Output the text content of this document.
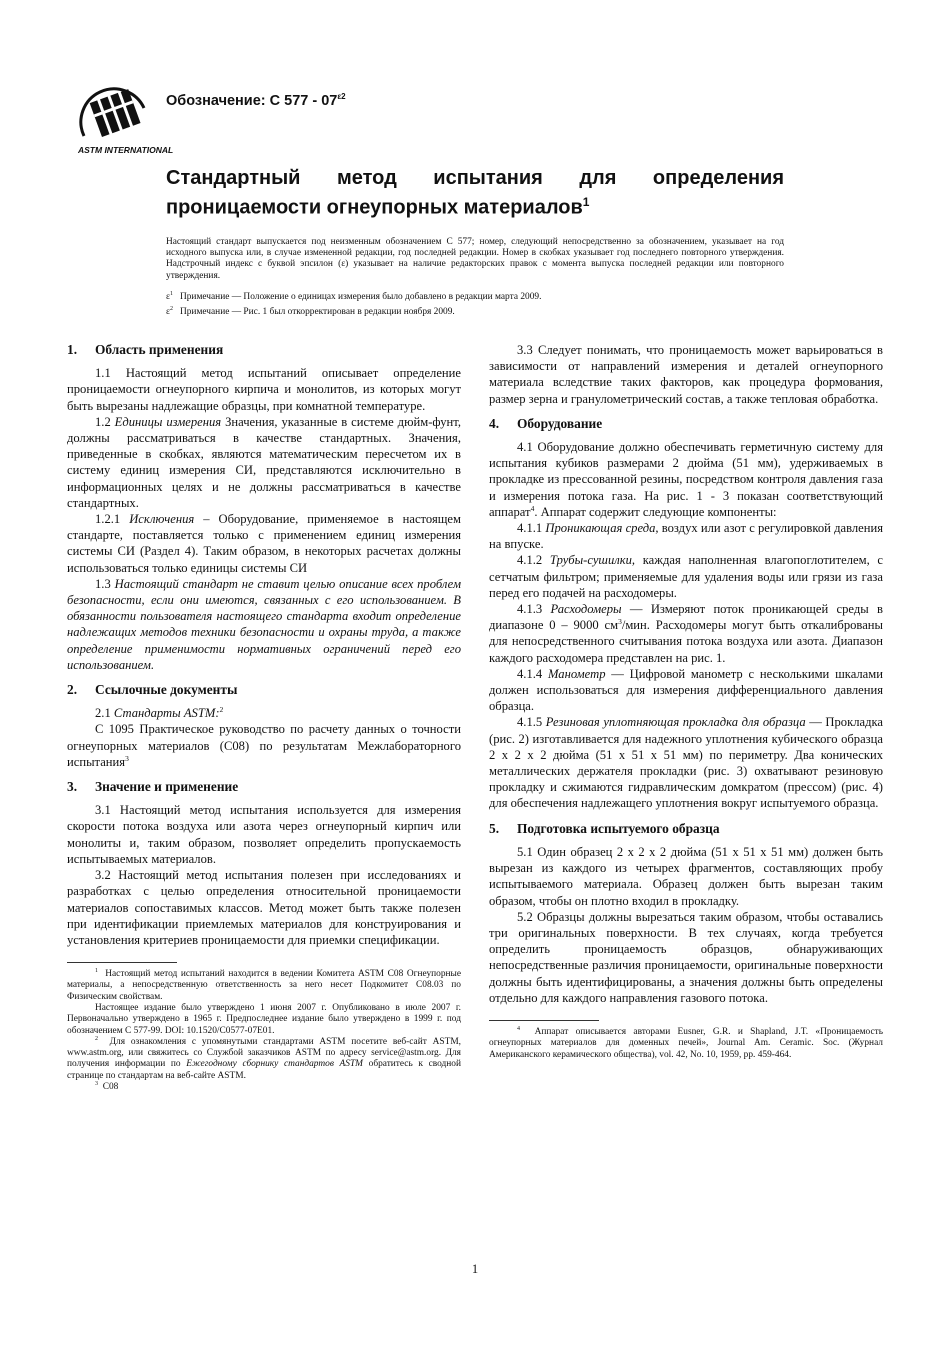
ASTM INTERNATIONAL
Обозначение: C $577 - 07^{\varepsilon 2}$
Стандартный метод испытания для определения
проницаемости огнеупорных материалов$^1$
Настоящий стандарт выпускается под неизменным обозначением C 577; номер, следующий непосредственно за обозначением, указывает на год исходного выпуска или, в случае измененной редакции, год последней редакции. Номер в скобках указывает год последнего повторного утверждения. Надстрочный индекс с буквой эпсилон (ε) указывает на наличие редакторских правок с момента выпуска последней редакции или повторного утверждения.
$\varepsilon^1$ Примечание — Положение о единицах измерения было добавлено в редакции марта 2009.
$\varepsilon^2$ Примечание — Рис. 1 был откорректирован в редакции ноября 2009.
1. Область применения

1.1 Настоящий метод испытаний описывает определение проницаемости огнеупорного кирпича и монолитов, из которых могут быть вырезаны надлежащие образцы, при комнатной температуре.

1.2 Единицы измерения Значения, указанные в системе дюйм-фунт, должны рассматриваться в качестве стандартных. Значения, приведенные в скобках, являются математическим пересчетом их в систему единиц измерения СИ, представляются исключительно в информационных целях и не должны рассматриваться в качестве стандартных.

1.2.1 Исключения – Оборудование, применяемое в настоящем стандарте, поставляется только с применением единиц измерения системы СИ (Раздел 4). Таким образом, в некоторых расчетах должны использоваться только единицы системы СИ

1.3 Настоящий стандарт не ставит целью описание всех проблем безопасности, если они имеются, связанных с его использованием. В обязанности пользователя настоящего стандарта входит определение надлежащих методов техники безопасности и охраны труда, а также определение применимости нормативных ограничений перед его использованием.

2. Ссылочные документы

2.1 Стандарты ASTM:$^2$

C 1095 Практическое руководство по расчету данных о точности огнеупорных материалов (C08) по результатам Межлабораторного испытания$^3$

3. Значение и применение

3.1 Настоящий метод испытания используется для измерения скорости потока воздуха или азота через огнеупорный кирпич или монолиты и, таким образом, позволяет определить пропускаемость испытываемых материалов.

3.2 Настоящий метод испытания полезен при исследованиях и разработках с целью определения относительной проницаемости материалов сопоставимых классов. Метод может быть также полезен при идентификации приемлемых материалов для конструирования и установления критериев проницаемости для приемки спецификации.

$^1$ Настоящий метод испытаний находится в ведении Комитета ASTM C08 Огнеупорные материалы, а непосредственную ответственность за него несет Подкомитет C08.03 по Физическим свойствам.

Настоящее издание было утверждено 1 июня 2007 г. Опубликовано в июле 2007 г. Первоначально утверждено в 1965 г. Предпоследнее издание было утверждено в 1999 г. под обозначением C 577-99. DOI: 10.1520/C0577-07E01.

$^2$ Для ознакомления с упомянутыми стандартами ASTM посетите веб-сайт ASTM, www.astm.org, или свяжитесь со Службой заказчиков ASTM по адресу service@astm.org. Для получения информации по Ежегодному сборнику стандартов ASTM обратитесь к сводной странице по стандартам на веб-сайте ASTM.

$^3$ C08

3.3 Следует понимать, что проницаемость может варьироваться в зависимости от направлений измерения и деталей огнеупорного материала вследствие таких факторов, как процедура формования, размер зерна и гранулометрический состав, а также тепловая обработка.

4. Оборудование

4.1 Оборудование должно обеспечивать герметичную систему для испытания кубиков размерами 2 дюйма (51 мм), удерживаемых в прокладке из прессованной резины, посредством контроля давления газа и измерения потока газа. На рис. 1 - 3 показан соответствующий аппарат$^4$. Аппарат содержит следующие компоненты:

4.1.1 Проникающая среда, воздух или азот с регулировкой давления на впуске.

4.1.2 Трубы-сушилки, каждая наполненная влагопоглотителем, с сетчатым фильтром; применяемые для удаления воды или грязи из газа перед его подачей на расходомеры.

4.1.3 Расходомеры — Измеряют поток проникающей среды в диапазоне 0 – 9000 $см^3$/мин. Расходомеры могут быть откалиброваны для непосредственного считывания потока воздуха или азота. Диапазон каждого расходомера представлен на рис. 1.

4.1.4 Манометр — Цифровой манометр с несколькими шкалами должен использоваться для измерения дифференциального давления образца.

4.1.5 Резиновая уплотняющая прокладка для образца — Прокладка (рис. 2) изготавливается для надежного уплотнения кубического образца 2 x 2 x 2 дюйма (51 x 51 x 51 мм) по периметру. Два конических металлических держателя прокладки (рис. 3) охватывают резиновую прокладку и сжимаются гидравлическим домкратом (прессом) (рис. 4) для обеспечения надлежащего уплотнения вокруг испытуемого образца.

5. Подготовка испытуемого образца

5.1 Один образец 2 x 2 x 2 дюйма (51 x 51 x 51 мм) должен быть вырезан из каждого из четырех фрагментов, составляющих пробу испытываемого материала. Образец должен быть вырезан таким образом, чтобы он плотно входил в прокладку.

5.2 Образцы должны вырезаться таким образом, чтобы оставались три оригинальных поверхности. В тех случаях, когда требуется определить проницаемость образцов, обнаруживающих непосредственные различия проницаемости, оригинальные поверхности должны быть идентифицированы, а значения должны быть определены отдельно для каждого направления газового потока.

$^4$ Аппарат описывается авторами Eusner, G.R. и Shapland, J.T. «Проницаемость огнеупорных материалов для доменных печей», Journal Am. Ceramic. Soc. (Журнал Американского керамического общества), vol. 42, No. 10, 1959, pp. 459-464.

1
